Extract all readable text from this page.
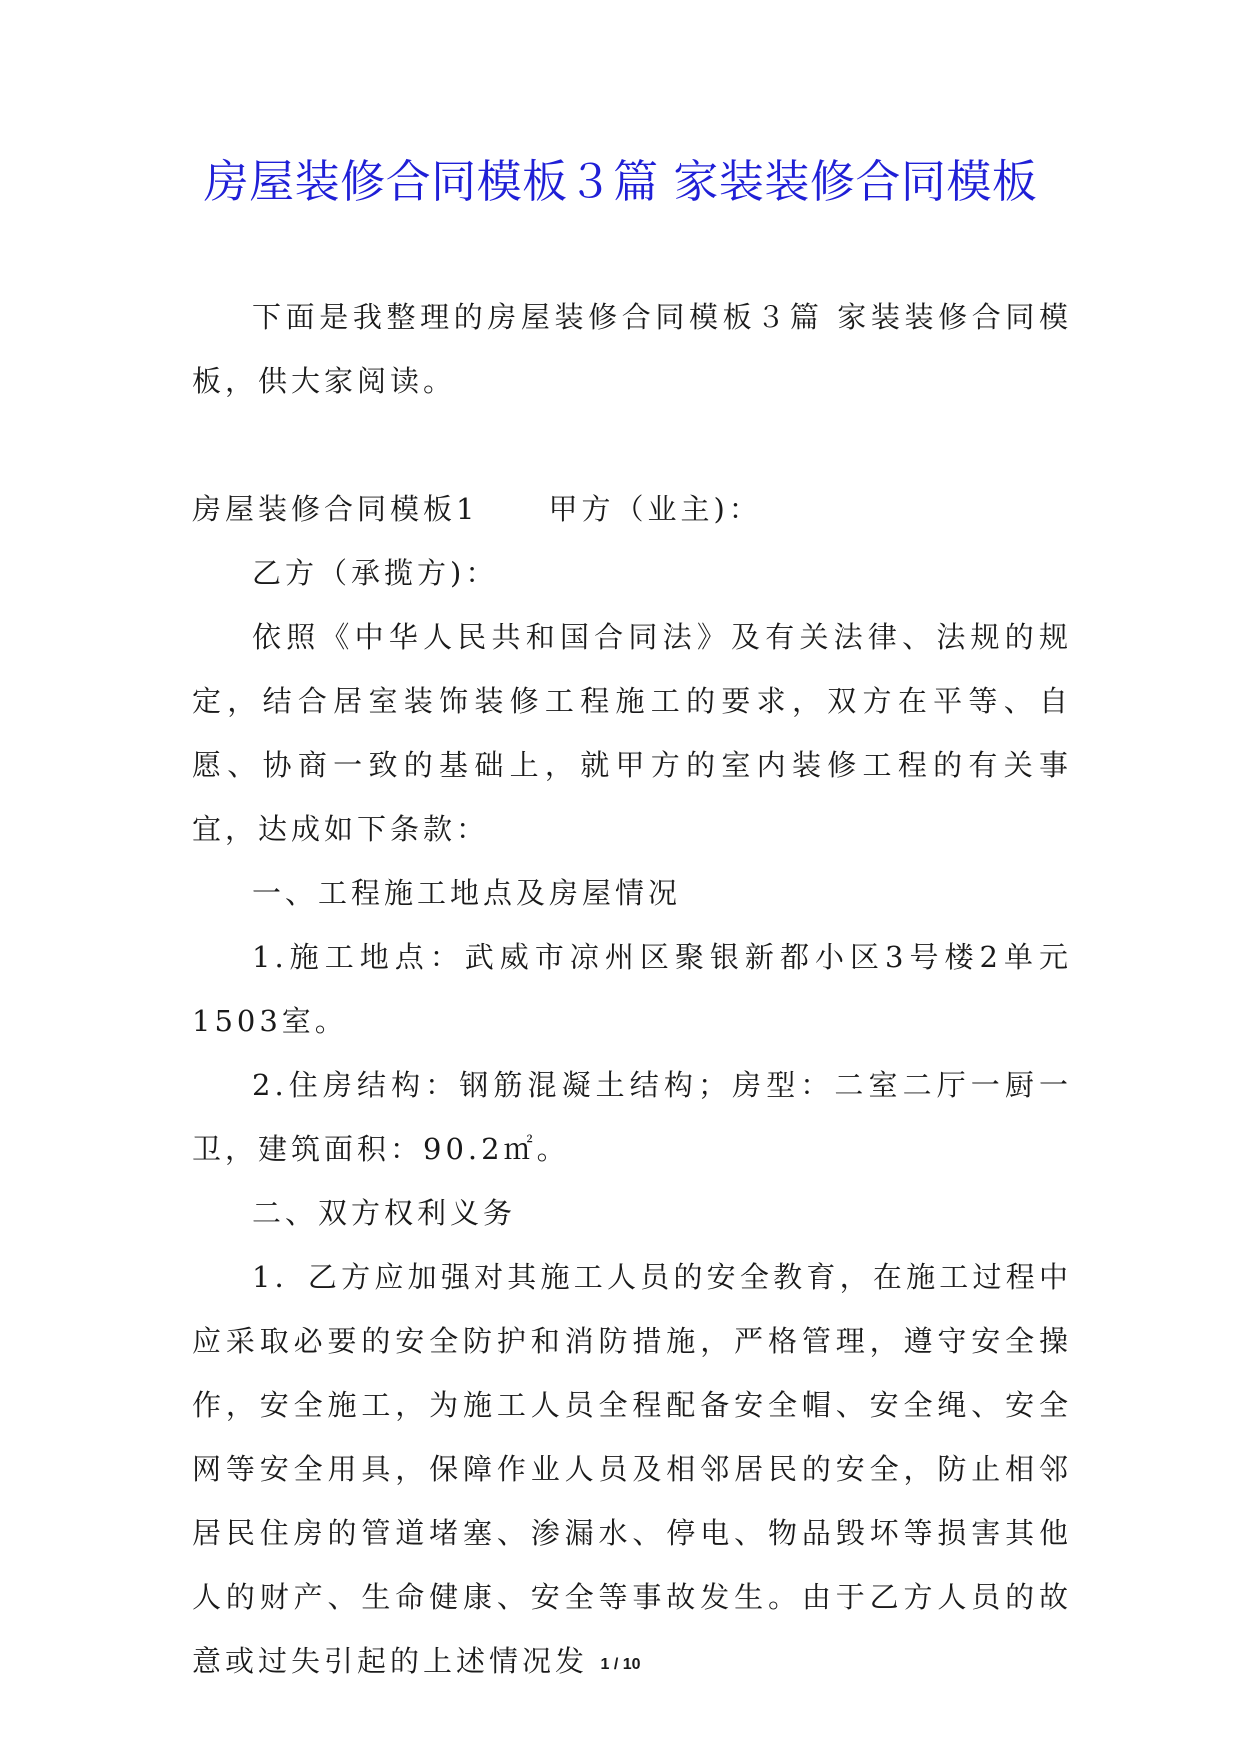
房屋装修合同模板３篇 家装装修合同模板

下面是我整理的房屋装修合同模板３篇 家装装修合同模板，供大家阅读。

房屋装修合同模板1 甲方（业主)：

乙方（承揽方)：

依照《中华人民共和国合同法》及有关法律、法规的规定，结合居室装饰装修工程施工的要求，双方在平等、自愿、协商一致的基础上，就甲方的室内装修工程的有关事宜，达成如下条款：

一、工程施工地点及房屋情况

1.施工地点：武威市凉州区聚银新都小区3号楼2单元1503室。

2.住房结构：钢筋混凝土结构；房型：二室二厅一厨一卫，建筑面积：90.2㎡。

二、双方权利义务

1．乙方应加强对其施工人员的安全教育，在施工过程中应采取必要的安全防护和消防措施，严格管理，遵守安全操作，安全施工，为施工人员全程配备安全帽、安全绳、安全网等安全用具，保障作业人员及相邻居民的安全，防止相邻居民住房的管道堵塞、渗漏水、停电、物品毁坏等损害其他人的财产、生命健康、安全等事故发生。由于乙方人员的故意或过失引起的上述情况发 1 / 10
